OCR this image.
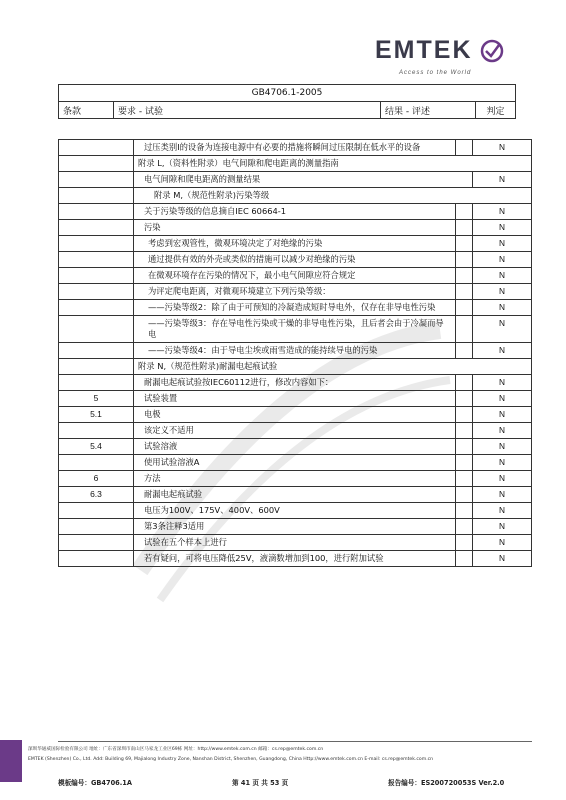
EMTEK
Access to the World
GB4706.1-2005
条款	要求 - 试验	结果 - 评述	判定
	过压类别Ⅰ的设备为连接电源中有必要的措施将瞬间过压限制在低水平的设备		N
	附录 L,（资料性附录）电气间隙和爬电距离的测量指南		
	电气间隙和爬电距离的测量结果		N
	附录 M,（规范性附录)污染等级		
	关于污染等级的信息摘自IEC 60664-1		N
	污染		N
	考虑到宏观管性，微观环境决定了对绝缘的污染		N
	通过提供有效的外壳或类似的措施可以减少对绝缘的污染		N
	在微观环境存在污染的情况下，最小电气间隙应符合规定		N
	为评定爬电距离，对微观环境建立下列污染等级：		N
	——污染等级2：除了由于可预知的冷凝造成短时导电外，仅存在非导电性污染		N
	——污染等级3：存在导电性污染或干燥的非导电性污染，且后者会由于冷凝而导电		N
	——污染等级4：由于导电尘埃或雨雪造成的能持续导电的污染		N
	附录 N,（规范性附录)耐漏电起痕试验		
	耐漏电起痕试验按IEC60112进行，修改内容如下：		N
5	试验装置		N
5.1	电极		N
	该定义不适用		N
5.4	试验溶液		N
	使用试验溶液A		N
6	方法		N
6.3	耐漏电起痕试验		N
	电压为100V、175V、400V、600V		N
	第3条注释3适用		N
	试验在五个样本上进行		N
	若有疑问，可将电压降低25V，液滴数增加到100，进行附加试验		N
深圳华通威国际检验有限公司 地址：广东省深圳市南山区马家龙工业区69栋 网址：http://www.emtek.com.cn 邮箱：cs.rep@emtek.com.cn
EMTEK (Shenzhen) Co., Ltd. Add: Building 69, Majialong Industry Zone, Nanshan District, Shenzhen, Guangdong, China Http://www.emtek.com.cn E-mail: cs.rep@emtek.com.cn
模板编号：GB4706.1A	第 41 页 共 53 页	报告编号：ES200720053S Ver.2.0
